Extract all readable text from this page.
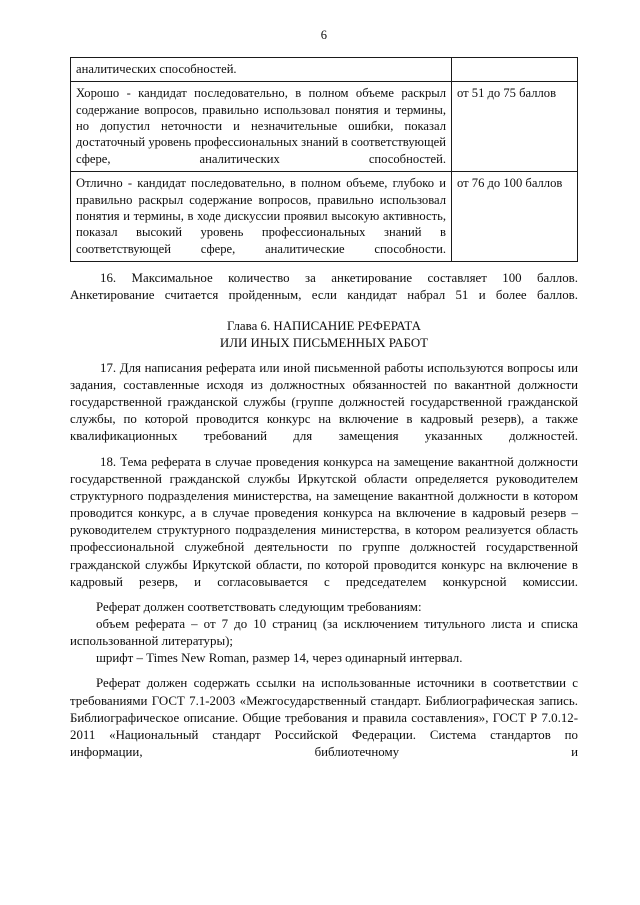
6
аналитических способностей.	
Хорошо - кандидат последовательно, в полном объеме раскрыл содержание вопросов, правильно использовал понятия и термины, но допустил неточности и незначительные ошибки, показал достаточный уровень профессиональных знаний в соответствующей сфере, аналитических способностей.	от 51 до 75 баллов
Отлично - кандидат последовательно, в полном объеме, глубоко и правильно раскрыл содержание вопросов, правильно использовал понятия и термины, в ходе дискуссии проявил высокую активность, показал высокий уровень профессиональных знаний в соответствующей сфере, аналитические способности.	от 76 до 100 баллов

16. Максимальное количество за анкетирование составляет 100 баллов. Анкетирование считается пройденным, если кандидат набрал 51 и более баллов.

Глава 6. НАПИСАНИЕ РЕФЕРАТА
ИЛИ ИНЫХ ПИСЬМЕННЫХ РАБОТ

17. Для написания реферата или иной письменной работы используются вопросы или задания, составленные исходя из должностных обязанностей по вакантной должности государственной гражданской службы (группе должностей государственной гражданской службы, по которой проводится конкурс на включение в кадровый резерв), а также квалификационных требований для замещения указанных должностей.

18. Тема реферата в случае проведения конкурса на замещение вакантной должности государственной гражданской службы Иркутской области определяется руководителем структурного подразделения министерства, на замещение вакантной должности в котором проводится конкурс, а в случае проведения конкурса на включение в кадровый резерв – руководителем структурного подразделения министерства, в котором реализуется область профессиональной служебной деятельности по группе должностей государственной гражданской службы Иркутской области, по которой проводится конкурс на включение в кадровый резерв, и согласовывается с председателем конкурсной комиссии.

Реферат должен соответствовать следующим требованиям:

объем реферата – от 7 до 10 страниц (за исключением титульного листа и списка использованной литературы);

шрифт – Times New Roman, размер 14, через одинарный интервал.

Реферат должен содержать ссылки на использованные источники в соответствии с требованиями ГОСТ 7.1-2003 «Межгосударственный стандарт. Библиографическая запись. Библиографическое описание. Общие требования и правила составления», ГОСТ Р 7.0.12-2011 «Национальный стандарт Российской Федерации. Система стандартов по информации, библиотечному и
